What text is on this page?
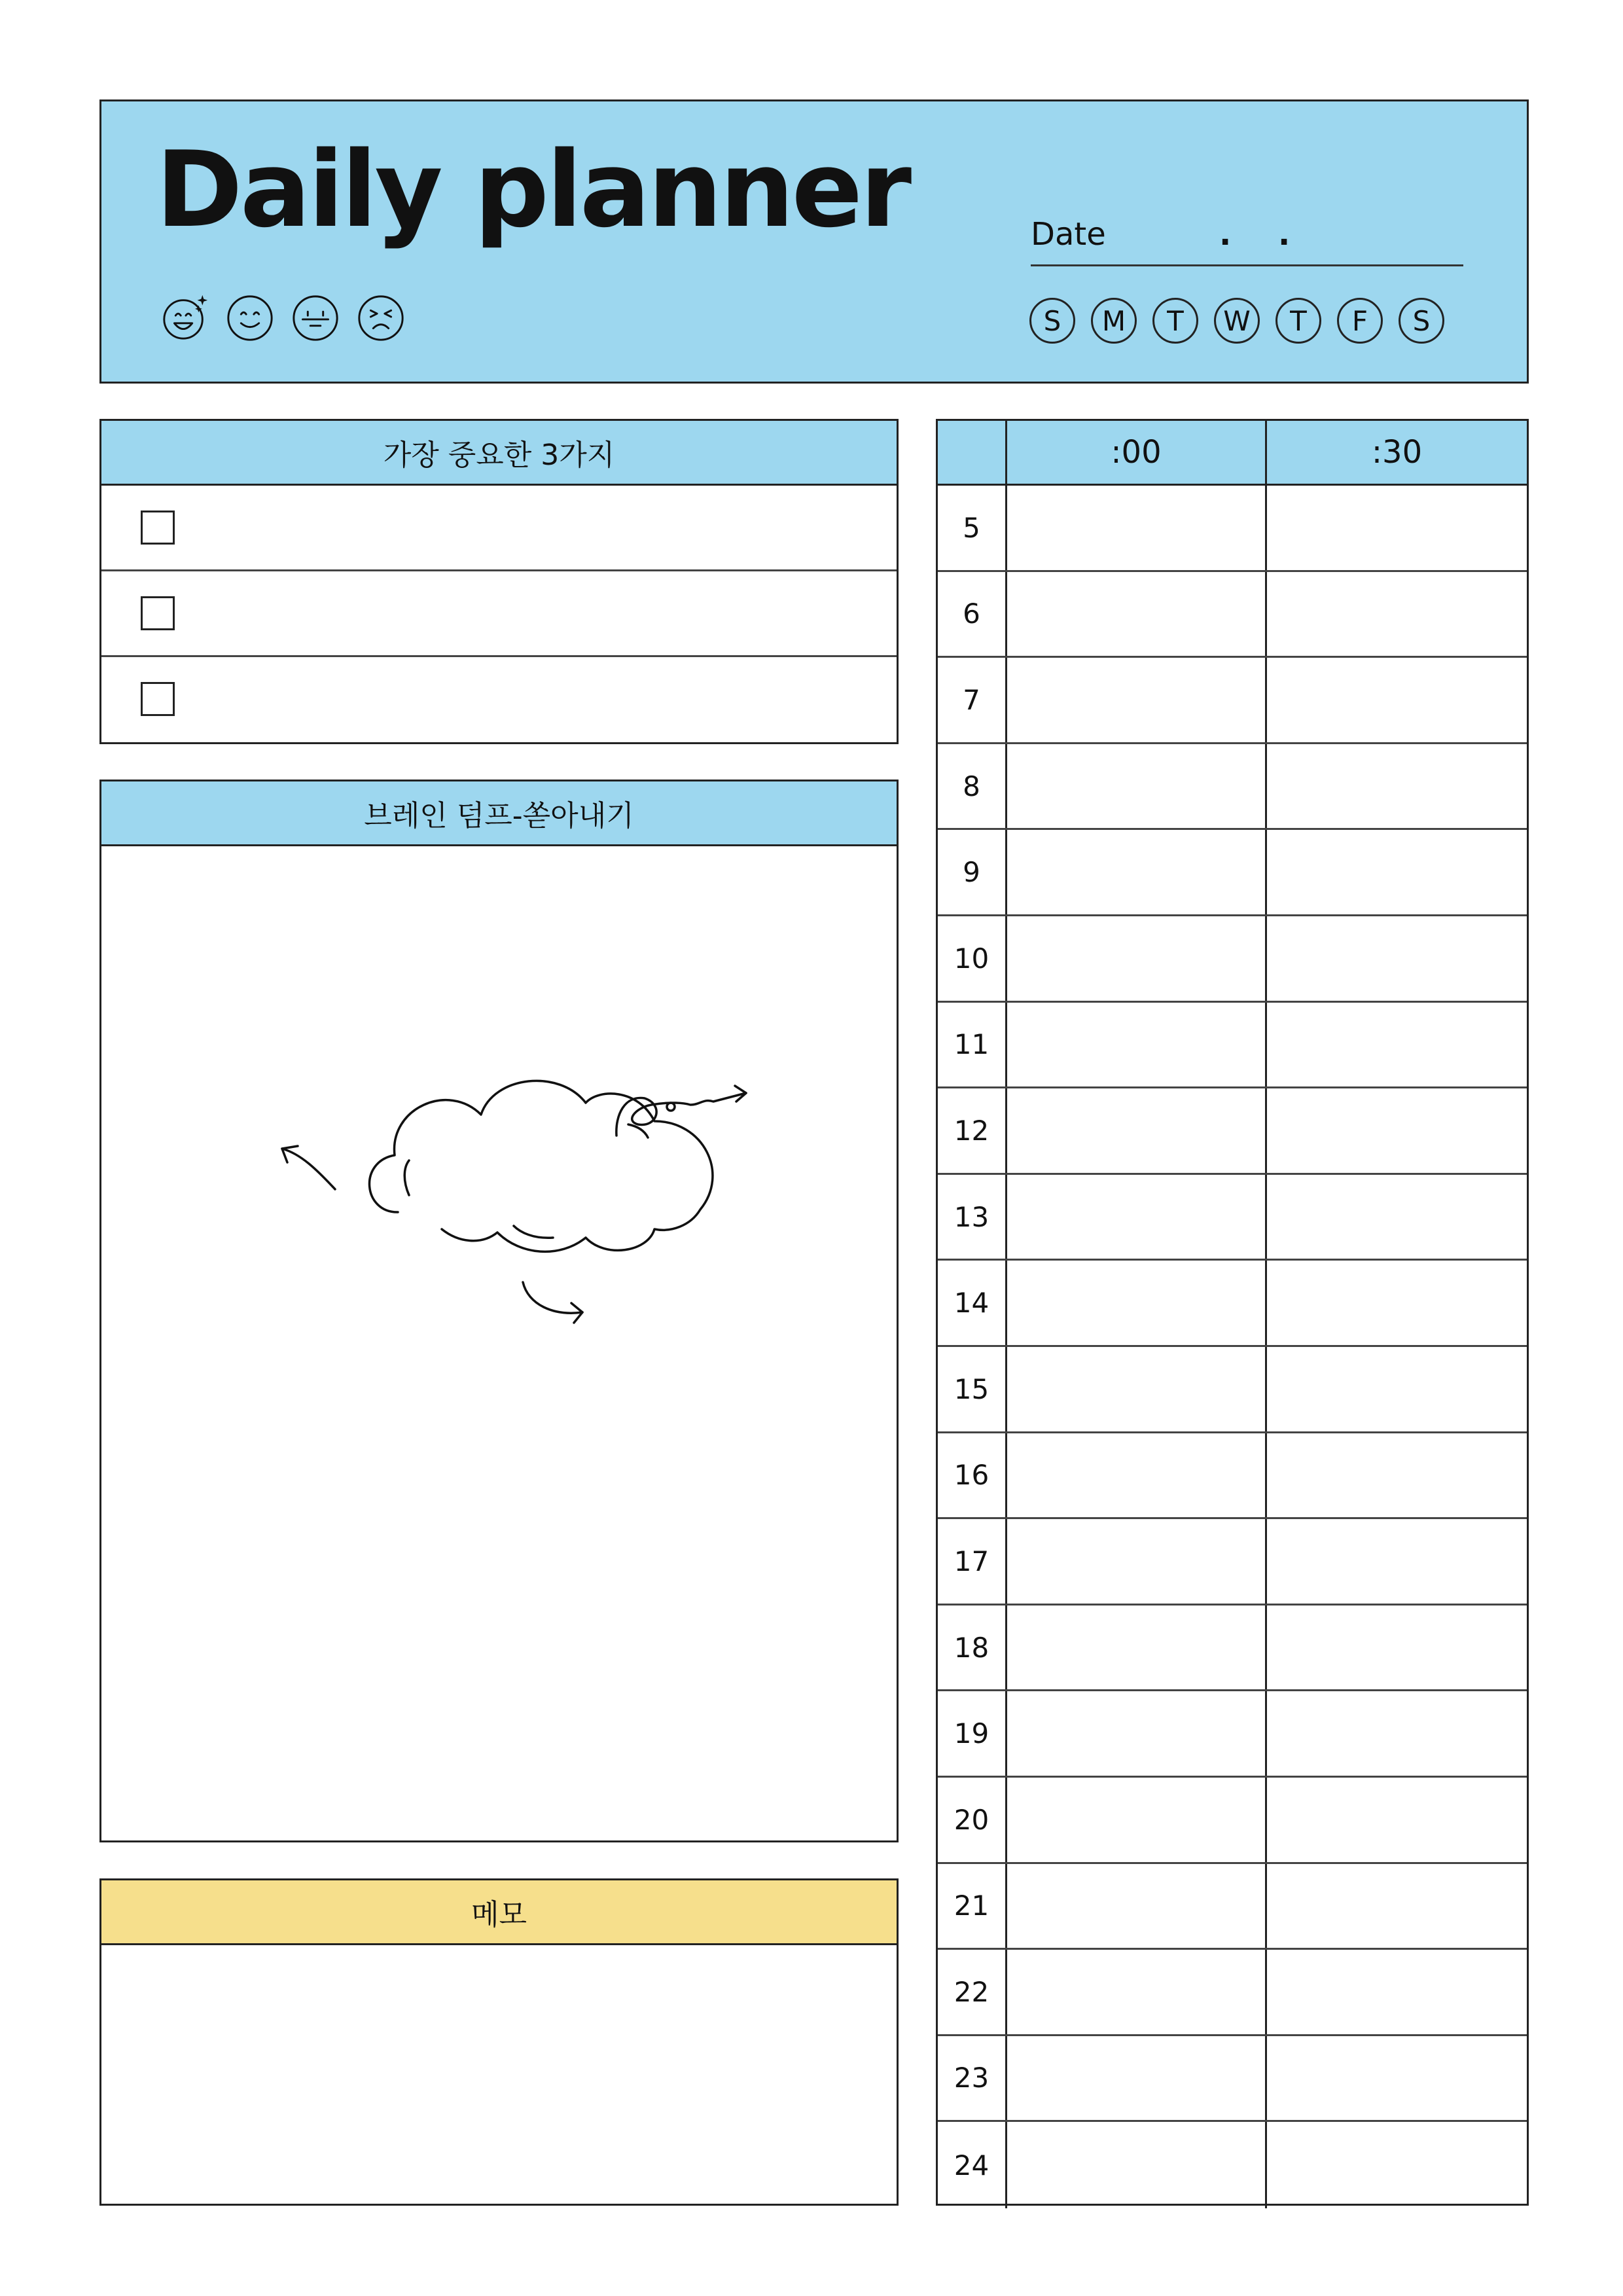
Daily planner	Date	. .
S	M	T	W	T	F	S
가장 중요한 3가지
브레인 덤프-쏟아내기
메모
:00	:30
5
6
7
8
9
10
11
12
13
14
15
16
17
18
19
20
21
22
23
24
